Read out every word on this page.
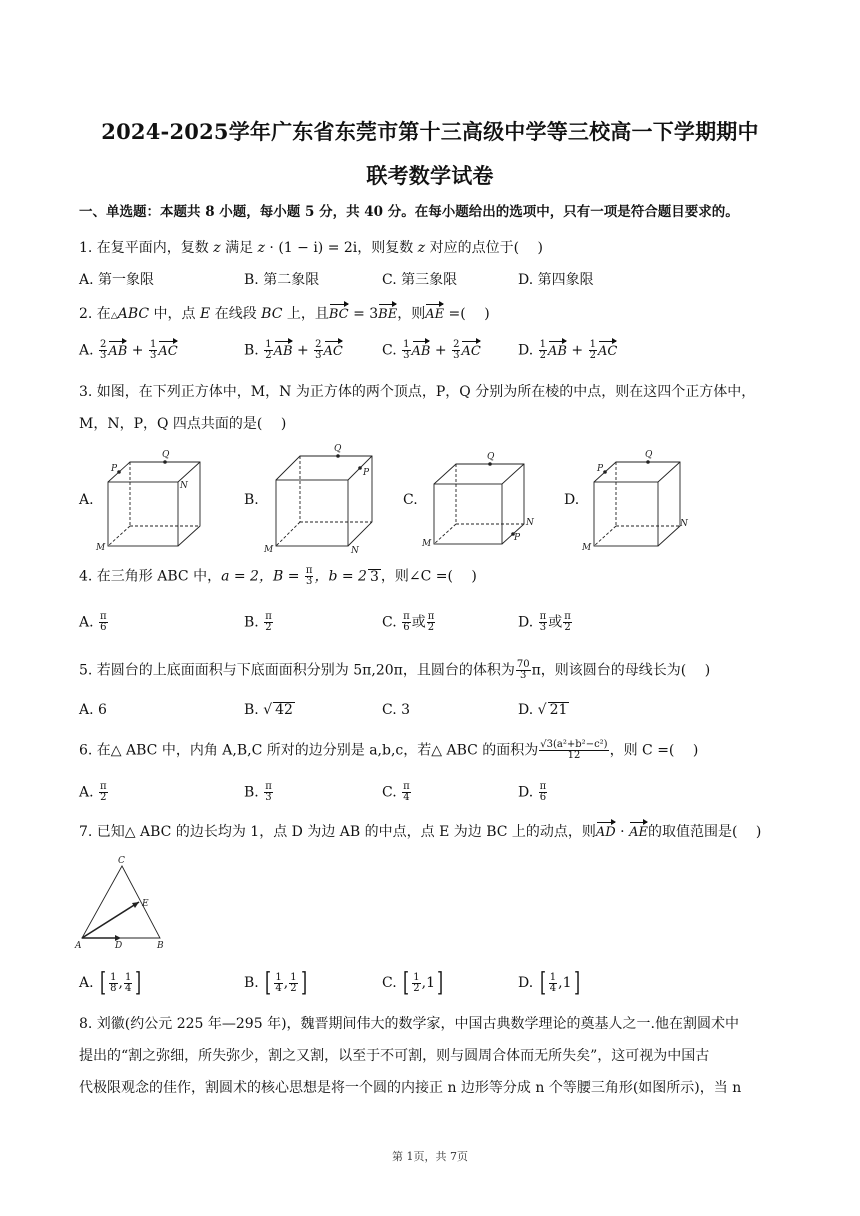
2024-2025学年广东省东莞市第十三高级中学等三校高一下学期期中
联考数学试卷
一、单选题：本题共 8 小题，每小题 5 分，共 40 分。在每小题给出的选项中，只有一项是符合题目要求的。
1. 在复平面内，复数 z 满足 z · (1 − i) = 2i，则复数 z 对应的点位于(　 )
A. 第一象限	B. 第二象限	C. 第三象限	D. 第四象限
2. 在△ABC 中，点 E 在线段 BC 上，且BC = 3BE，则AE =(　 )
A. $\frac{2}{3}$ AB + $\frac{1}{3}$ AC	B. $\frac{1}{2}$ AB + $\frac{2}{3}$ AC	C. $\frac{1}{3}$ AB + $\frac{2}{3}$ AC	D. $\frac{1}{2}$ AB + $\frac{1}{2}$ AC
3. 如图，在下列正方体中，M，N 为正方体的两个顶点，P，Q 分别为所在棱的中点，则在这四个正方体中，
M，N，P，Q 四点共面的是(　 )
A.	B.	C.	D.
Q
P
N
M
Q
P
N
M
Q
N
P
M
Q
P
N
M
4. 在三角形 ABC 中，a = 2，$B = \frac{\pi}{3}$ ，b = 2 3 ，则∠C =(　 )
A. $\frac{\pi}{6}$	B. $\frac{\pi}{2}$	C. $\frac{\pi}{6}$ 或 $\frac{\pi}{2}$	D. $\frac{\pi}{3}$ 或 $\frac{\pi}{2}$
5. 若圆台的上底面面积与下底面面积分别为 5π,20π，且圆台的体积为 $\frac{70}{3}$ π，则该圆台的母线长为(　 )
A. 6	B. √ 42	C. 3	D. √ 21
6. 在△ ABC 中，内角 A,B,C 所对的边分别是 a,b,c，若△ ABC 的面积为 $\frac{\text{√3(a²+b²−c²)}}{12}$ ，则 C =(　 )
A. $\frac{\pi}{2}$	B. $\frac{\pi}{3}$	C. $\frac{\pi}{4}$	D. $\frac{\pi}{6}$
7. 已知△ ABC 的边长均为 1，点 D 为边 AB 的中点，点 E 为边 BC 上的动点，则AD · AE的取值范围是(　 )
C
E
A	D	B
A. [ $\frac{1}{8}$ , $\frac{1}{4}$ ]	B. [ $\frac{1}{4}$ , $\frac{1}{2}$ ]	C. [ $\frac{1}{2} ,1$]	D. [ $\frac{1}{4} ,1$]
8. 刘徽(约公元 225 年—295 年)，魏晋期间伟大的数学家，中国古典数学理论的奠基人之一.他在割圆术中
提出的“割之弥细，所失弥少，割之又割，以至于不可割，则与圆周合体而无所失矣”，这可视为中国古
代极限观念的佳作，割圆术的核心思想是将一个圆的内接正 n 边形等分成 n 个等腰三角形(如图所示)，当 n
第 1页，共 7页
